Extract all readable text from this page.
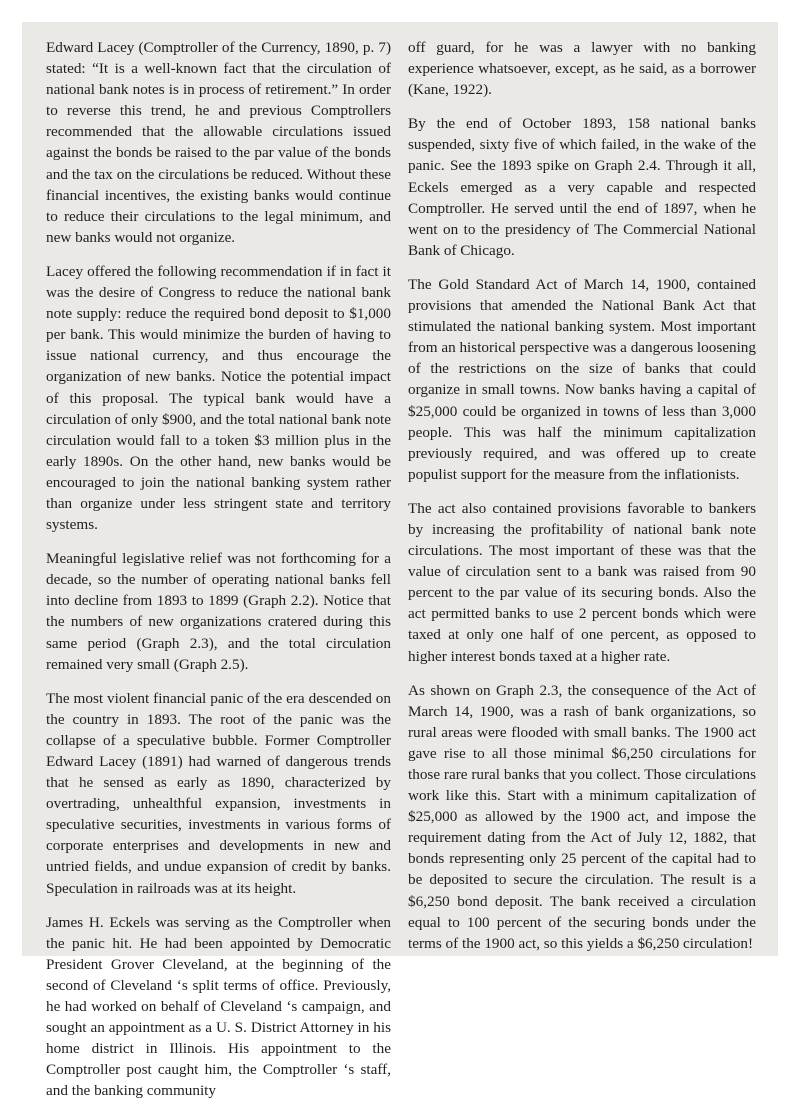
Edward Lacey (Comptroller of the Currency, 1890, p. 7) stated: “It is a well-known fact that the circulation of national bank notes is in process of retirement.” In order to reverse this trend, he and previous Comptrollers recommended that the allowable circulations issued against the bonds be raised to the par value of the bonds and the tax on the circulations be reduced. Without these financial incentives, the existing banks would continue to reduce their circulations to the legal minimum, and new banks would not organize.

Lacey offered the following recommendation if in fact it was the desire of Congress to reduce the national bank note supply: reduce the required bond deposit to $1,000 per bank. This would minimize the burden of having to issue national currency, and thus encourage the organization of new banks. Notice the potential impact of this proposal. The typical bank would have a circulation of only $900, and the total national bank note circulation would fall to a token $3 million plus in the early 1890s. On the other hand, new banks would be encouraged to join the national banking system rather than organize under less stringent state and territory systems.

Meaningful legislative relief was not forthcoming for a decade, so the number of operating national banks fell into decline from 1893 to 1899 (Graph 2.2). Notice that the numbers of new organizations cratered during this same period (Graph 2.3), and the total circulation remained very small (Graph 2.5).

The most violent financial panic of the era descended on the country in 1893. The root of the panic was the collapse of a speculative bubble. Former Comptroller Edward Lacey (1891) had warned of dangerous trends that he sensed as early as 1890, characterized by overtrading, unhealthful expansion, investments in speculative securities, investments in various forms of corporate enterprises and developments in new and untried fields, and undue expansion of credit by banks. Speculation in railroads was at its height.

James H. Eckels was serving as the Comptroller when the panic hit. He had been appointed by Democratic President Grover Cleveland, at the beginning of the second of Cleveland ‘s split terms of office. Previously, he had worked on behalf of Cleveland ‘s campaign, and sought an appointment as a U. S. District Attorney in his home district in Illinois. His appointment to the Comptroller post caught him, the Comptroller ‘s staff, and the banking community

off guard, for he was a lawyer with no banking experience whatsoever, except, as he said, as a borrower (Kane, 1922).

By the end of October 1893, 158 national banks suspended, sixty five of which failed, in the wake of the panic. See the 1893 spike on Graph 2.4. Through it all, Eckels emerged as a very capable and respected Comptroller. He served until the end of 1897, when he went on to the presidency of The Commercial National Bank of Chicago.

The Gold Standard Act of March 14, 1900, contained provisions that amended the National Bank Act that stimulated the national banking system. Most important from an historical perspective was a dangerous loosening of the restrictions on the size of banks that could organize in small towns. Now banks having a capital of $25,000 could be organized in towns of less than 3,000 people. This was half the minimum capitalization previously required, and was offered up to create populist support for the measure from the inflationists.

The act also contained provisions favorable to bankers by increasing the profitability of national bank note circulations. The most important of these was that the value of circulation sent to a bank was raised from 90 percent to the par value of its securing bonds. Also the act permitted banks to use 2 percent bonds which were taxed at only one half of one percent, as opposed to higher interest bonds taxed at a higher rate.

As shown on Graph 2.3, the consequence of the Act of March 14, 1900, was a rash of bank organizations, so rural areas were flooded with small banks. The 1900 act gave rise to all those minimal $6,250 circulations for those rare rural banks that you collect. Those circulations work like this. Start with a minimum capitalization of $25,000 as allowed by the 1900 act, and impose the requirement dating from the Act of July 12, 1882, that bonds representing only 25 percent of the capital had to be deposited to secure the circulation. The result is a $6,250 bond deposit. The bank received a circulation equal to 100 percent of the securing bonds under the terms of the 1900 act, so this yields a $6,250 circulation!
